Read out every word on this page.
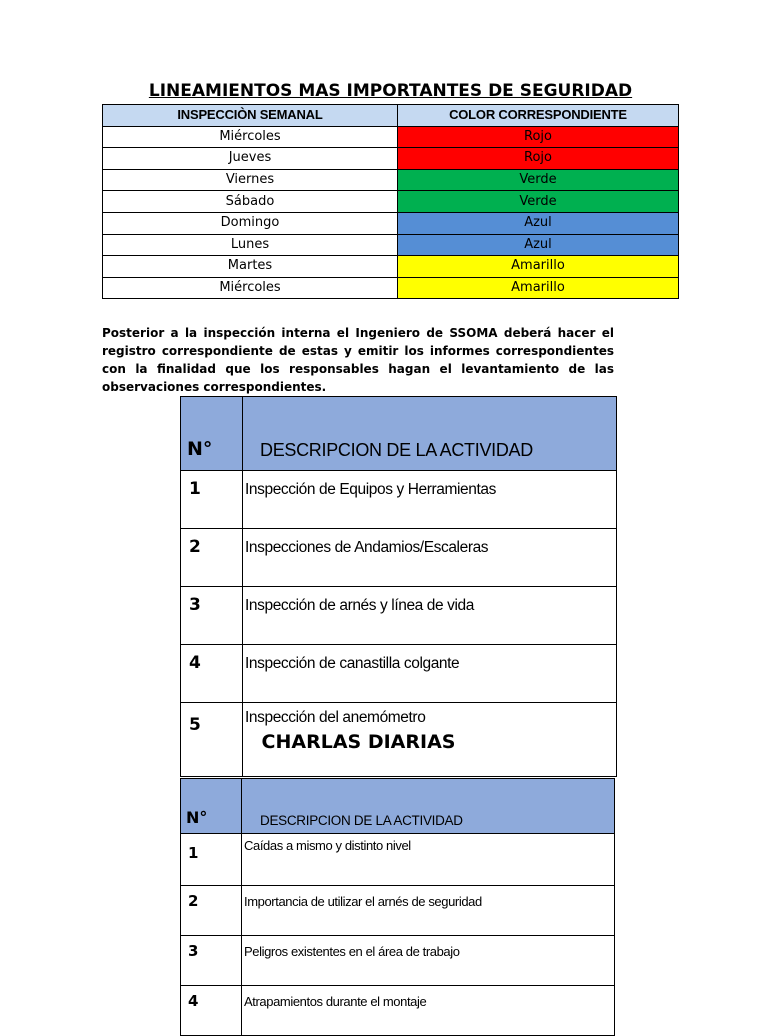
LINEAMIENTOS MAS IMPORTANTES DE SEGURIDAD
INSPECCIÒN SEMANAL	COLOR CORRESPONDIENTE
Miércoles	Rojo
Jueves	Rojo
Viernes	Verde
Sábado	Verde
Domingo	Azul
Lunes	Azul
Martes	Amarillo
Miércoles	Amarillo
Posterior a la inspección interna el Ingeniero de SSOMA deberá hacer el registro correspondiente de estas y emitir los informes correspondientes con la finalidad que los responsables hagan el levantamiento de las observaciones correspondientes.
N°	DESCRIPCION DE LA ACTIVIDAD
1	Inspección de Equipos y Herramientas
2	Inspecciones de Andamios/Escaleras
3	Inspección de arnés y línea de vida
4	Inspección de canastilla colgante
5	Inspección del anemómetro
CHARLAS DIARIAS
N°	DESCRIPCION DE LA ACTIVIDAD
1	Caídas a mismo y distinto nivel
2	Importancia de utilizar el arnés de seguridad
3	Peligros existentes en el área de trabajo
4	Atrapamientos durante el montaje
